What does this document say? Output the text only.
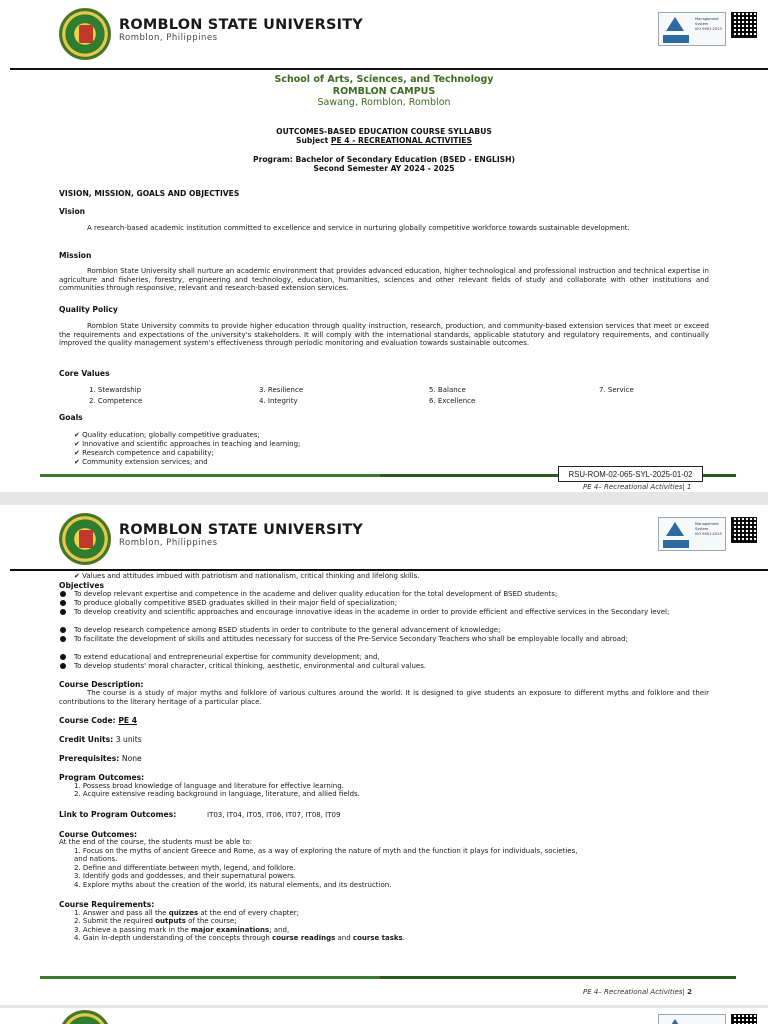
ROMBLON STATE UNIVERSITY
Romblon, Philippines
Management
System
ISO 9001:2015
School of Arts, Sciences, and Technology
ROMBLON CAMPUS
Sawang, Romblon, Romblon
OUTCOMES-BASED EDUCATION COURSE SYLLABUS
Subject PE 4 - RECREATIONAL ACTIVITIES
Program: Bachelor of Secondary Education (BSED - ENGLISH)
Second Semester AY 2024 - 2025
VISION, MISSION, GOALS AND OBJECTIVES
Vision
A research-based academic institution committed to excellence and service in nurturing globally competitive workforce towards sustainable development.
Mission
Romblon State University shall nurture an academic environment that provides advanced education, higher technological and professional instruction and technical expertise in agriculture and fisheries, forestry, engineering and technology, education, humanities, sciences and other relevant fields of study and collaborate with other institutions and communities through responsive, relevant and research-based extension services.
Quality Policy
Romblon State University commits to provide higher education through quality instruction, research, production, and community-based extension services that meet or exceed the requirements and expectations of the university's stakeholders. It will comply with the international standards, applicable statutory and regulatory requirements, and continually improved the quality management system's effectiveness through periodic monitoring and evaluation towards sustainable outcomes.
Core Values
1. Stewardship
2. Competence
3. Resilience
4. Integrity
5. Balance
6. Excellence
7. Service
Goals
✔ Quality education; globally competitive graduates;
✔ Innovative and scientific approaches in teaching and learning;
✔ Research competence and capability;
✔ Community extension services; and
RSU-ROM-02-065-SYL-2025-01-02
PE 4– Recreational Activities| 1
ROMBLON STATE UNIVERSITY
Romblon, Philippines
Management
System
ISO 9001:2015
✔ Values and attitudes imbued with patriotism and nationalism, critical thinking and lifelong skills.
Objectives
To develop relevant expertise and competence in the academe and deliver quality education for the total development of BSED students;
To produce globally competitive BSED graduates skilled in their major field of specialization;
To develop creativity and scientific approaches and encourage innovative ideas in the academe in order to provide efficient and effective services in the Secondary level;
To develop research competence among BSED students in order to contribute to the general advancement of knowledge;
To facilitate the development of skills and attitudes necessary for success of the Pre-Service Secondary Teachers who shall be employable locally and abroad;
To extend educational and entrepreneurial expertise for community development; and,
To develop students' moral character, critical thinking, aesthetic, environmental and cultural values.
Course Description:
The course is a study of major myths and folklore of various cultures around the world. It is designed to give students an exposure to different myths and folklore and their contributions to the literary heritage of a particular place.
Course Code: PE 4
Credit Units: 3 units
Prerequisites: None
Program Outcomes:
1. Possess broad knowledge of language and literature for effective learning.
2. Acquire extensive reading background in language, literature, and allied fields.
Link to Program Outcomes:	IT03, IT04, IT05, IT06, IT07, IT08, IT09
Course Outcomes:
At the end of the course, the students must be able to:
1. Focus on the myths of ancient Greece and Rome, as a way of exploring the nature of myth and the function it plays for individuals, societies,
and nations.
2. Define and differentiate between myth, legend, and folklore.
3. Identify gods and goddesses, and their supernatural powers.
4. Explore myths about the creation of the world, its natural elements, and its destruction.
Course Requirements:
1. Answer and pass all the quizzes at the end of every chapter;
2. Submit the required outputs of the course;
3. Achieve a passing mark in the major examinations; and,
4. Gain in-depth understanding of the concepts through course readings and course tasks.
PE 4– Recreational Activities| 2
